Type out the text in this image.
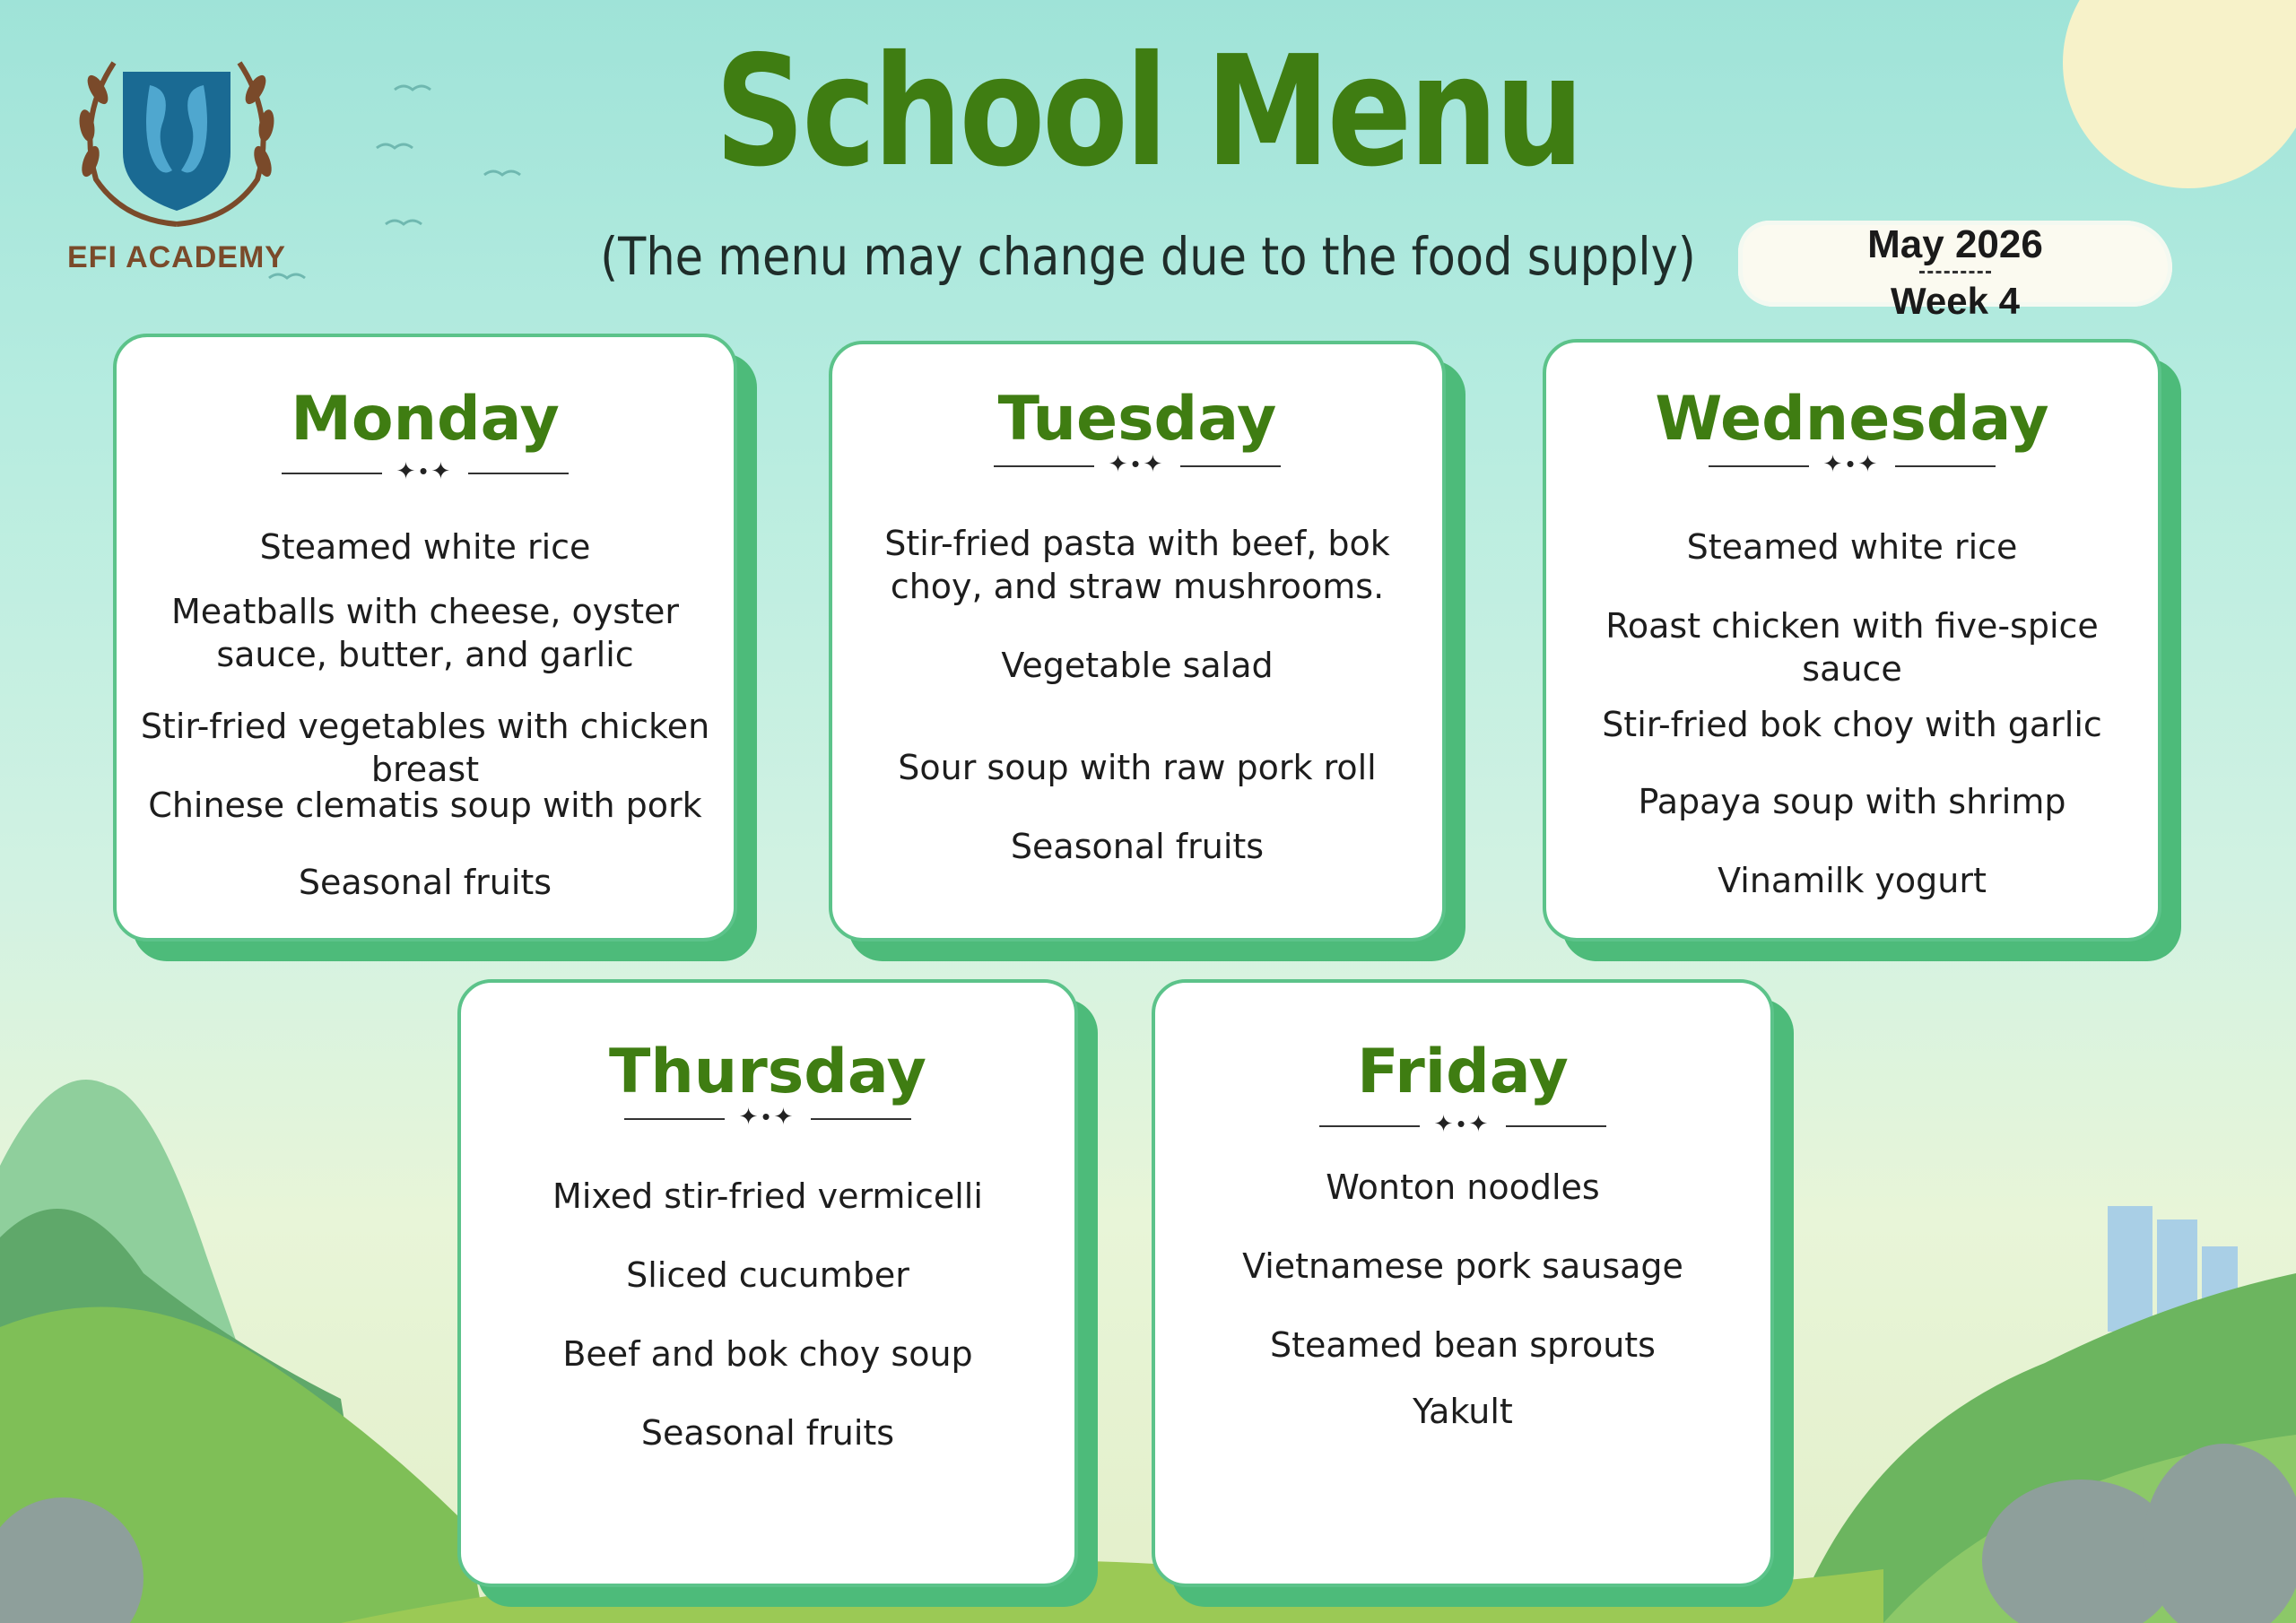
EFI ACADEMY
School Menu
(The menu may change due to the food supply)	May 2026
Week 4
Monday
✦•✦
Steamed white rice
Meatballs with cheese, oyster sauce, butter, and garlic
Stir-fried vegetables with chicken breast
Chinese clematis soup with pork
Seasonal fruits
Tuesday
✦•✦
Stir-fried pasta with beef, bok choy, and straw mushrooms.
Vegetable salad
Sour soup with raw pork roll
Seasonal fruits
Wednesday
✦•✦
Steamed white rice
Roast chicken with five-spice sauce
Stir-fried bok choy with garlic
Papaya soup with shrimp
Vinamilk yogurt
Thursday
✦•✦
Mixed stir-fried vermicelli
Sliced cucumber
Beef and bok choy soup
Seasonal fruits
Friday
✦•✦
Wonton noodles
Vietnamese pork sausage
Steamed bean sprouts
Yakult
